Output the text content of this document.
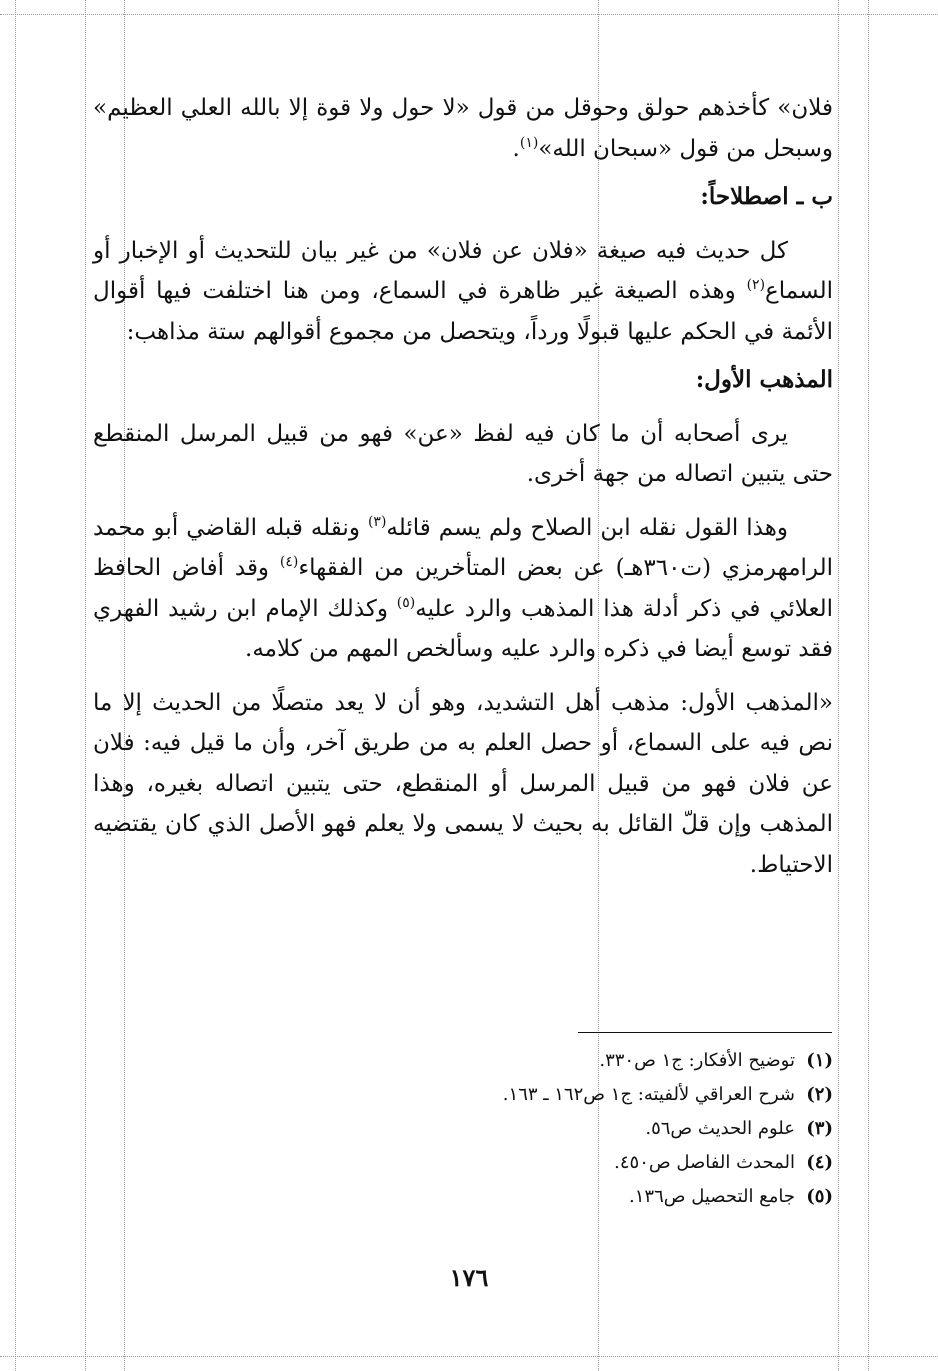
فلان» كأخذهم حولق وحوقل من قول «لا حول ولا قوة إلا بالله العلي العظيم» وسبحل من قول «سبحان الله»$^{(١)}$.

ب ـ اصطلاحاً:

كل حديث فيه صيغة «فلان عن فلان» من غير بيان للتحديث أو الإخبار أو السماع$^{(٢)}$ وهذه الصيغة غير ظاهرة في السماع، ومن هنا اختلفت فيها أقوال الأئمة في الحكم عليها قبولًا ورداً، ويتحصل من مجموع أقوالهم ستة مذاهب:

المذهب الأول:

يرى أصحابه أن ما كان فيه لفظ «عن» فهو من قبيل المرسل المنقطع حتى يتبين اتصاله من جهة أخرى.

وهذا القول نقله ابن الصلاح ولم يسم قائله$^{(٣)}$ ونقله قبله القاضي أبو محمد الرامهرمزي (ت٣٦٠هـ) عن بعض المتأخرين من الفقهاء$^{(٤)}$ وقد أفاض الحافظ العلائي في ذكر أدلة هذا المذهب والرد عليه$^{(٥)}$ وكذلك الإمام ابن رشيد الفهري فقد توسع أيضا في ذكره والرد عليه وسألخص المهم من كلامه.

«المذهب الأول: مذهب أهل التشديد، وهو أن لا يعد متصلًا من الحديث إلا ما نص فيه على السماع، أو حصل العلم به من طريق آخر، وأن ما قيل فيه: فلان عن فلان فهو من قبيل المرسل أو المنقطع، حتى يتبين اتصاله بغيره، وهذا المذهب وإن قلّ القائل به بحيث لا يسمى ولا يعلم فهو الأصل الذي كان يقتضيه الاحتياط.

(١)توضيح الأفكار: ج١ ص٣٣٠.
(٢)شرح العراقي لألفيته: ج١ ص١٦٢ ـ ١٦٣.
(٣)علوم الحديث ص٥٦.
(٤)المحدث الفاصل ص٤٥٠.
(٥)جامع التحصيل ص١٣٦.
١٧٦
